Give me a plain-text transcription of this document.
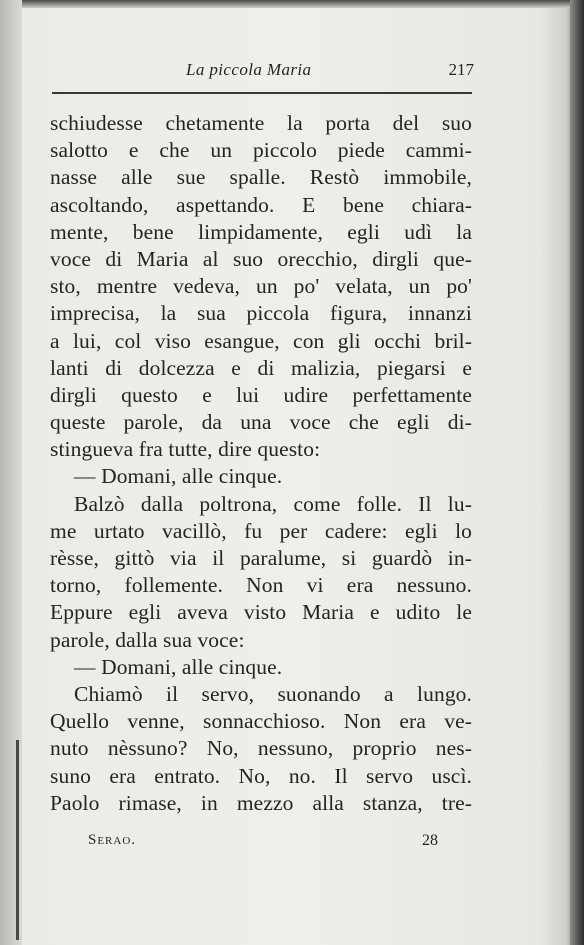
La piccola Maria	217
schiudesse chetamente la porta del suo
salotto e che un piccolo piede cammi-
nasse alle sue spalle. Restò immobile,
ascoltando, aspettando. E bene chiara-
mente, bene limpidamente, egli udì la
voce di Maria al suo orecchio, dirgli que-
sto, mentre vedeva, un po' velata, un po'
imprecisa, la sua piccola figura, innanzi
a lui, col viso esangue, con gli occhi bril-
lanti di dolcezza e di malizia, piegarsi e
dirgli questo e lui udire perfettamente
queste parole, da una voce che egli di-
stingueva fra tutte, dire questo:
— Domani, alle cinque.
Balzò dalla poltrona, come folle. Il lu-
me urtato vacillò, fu per cadere: egli lo
rèsse, gittò via il paralume, si guardò in-
torno, follemente. Non vi era nessuno.
Eppure egli aveva visto Maria e udito le
parole, dalla sua voce:
— Domani, alle cinque.
Chiamò il servo, suonando a lungo.
Quello venne, sonnacchioso. Non era ve-
nuto nèssuno? No, nessuno, proprio nes-
suno era entrato. No, no. Il servo uscì.
Paolo rimase, in mezzo alla stanza, tre-
Serao.	28
